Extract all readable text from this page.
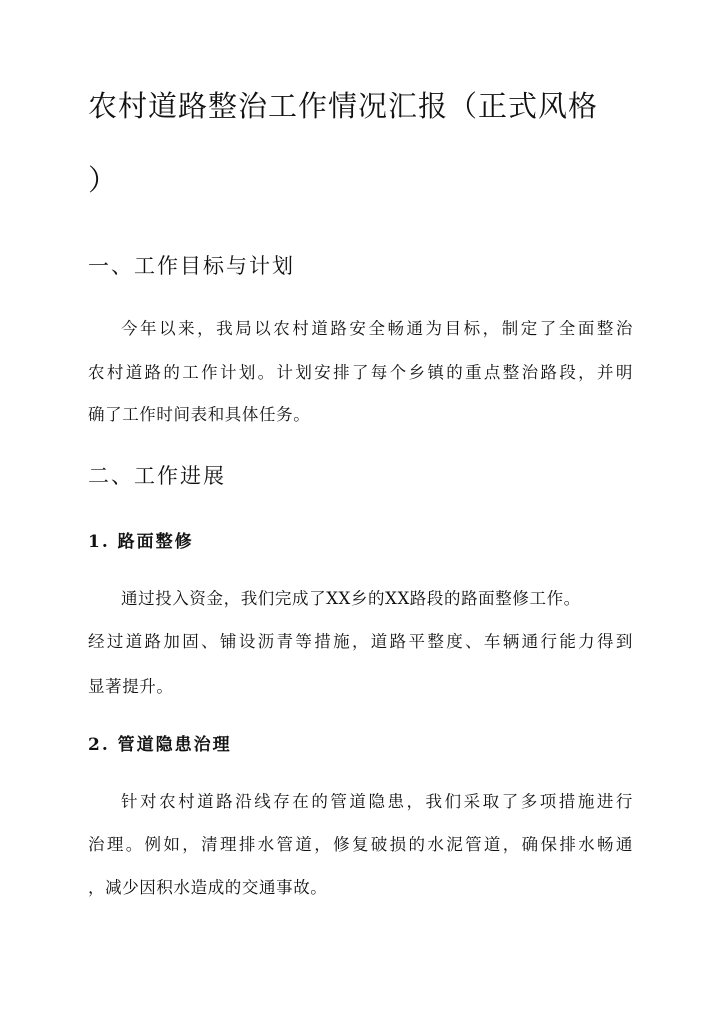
农村道路整治工作情况汇报（正式风格
）
一、工作目标与计划
今年以来，我局以农村道路安全畅通为目标，制定了全面整治
农村道路的工作计划。计划安排了每个乡镇的重点整治路段，并明
确了工作时间表和具体任务。
二、工作进展
1. 路面整修
通过投入资金，我们完成了XX乡的XX路段的路面整修工作。
经过道路加固、铺设沥青等措施，道路平整度、车辆通行能力得到
显著提升。
2. 管道隐患治理
针对农村道路沿线存在的管道隐患，我们采取了多项措施进行
治理。例如，清理排水管道，修复破损的水泥管道，确保排水畅通
，减少因积水造成的交通事故。
